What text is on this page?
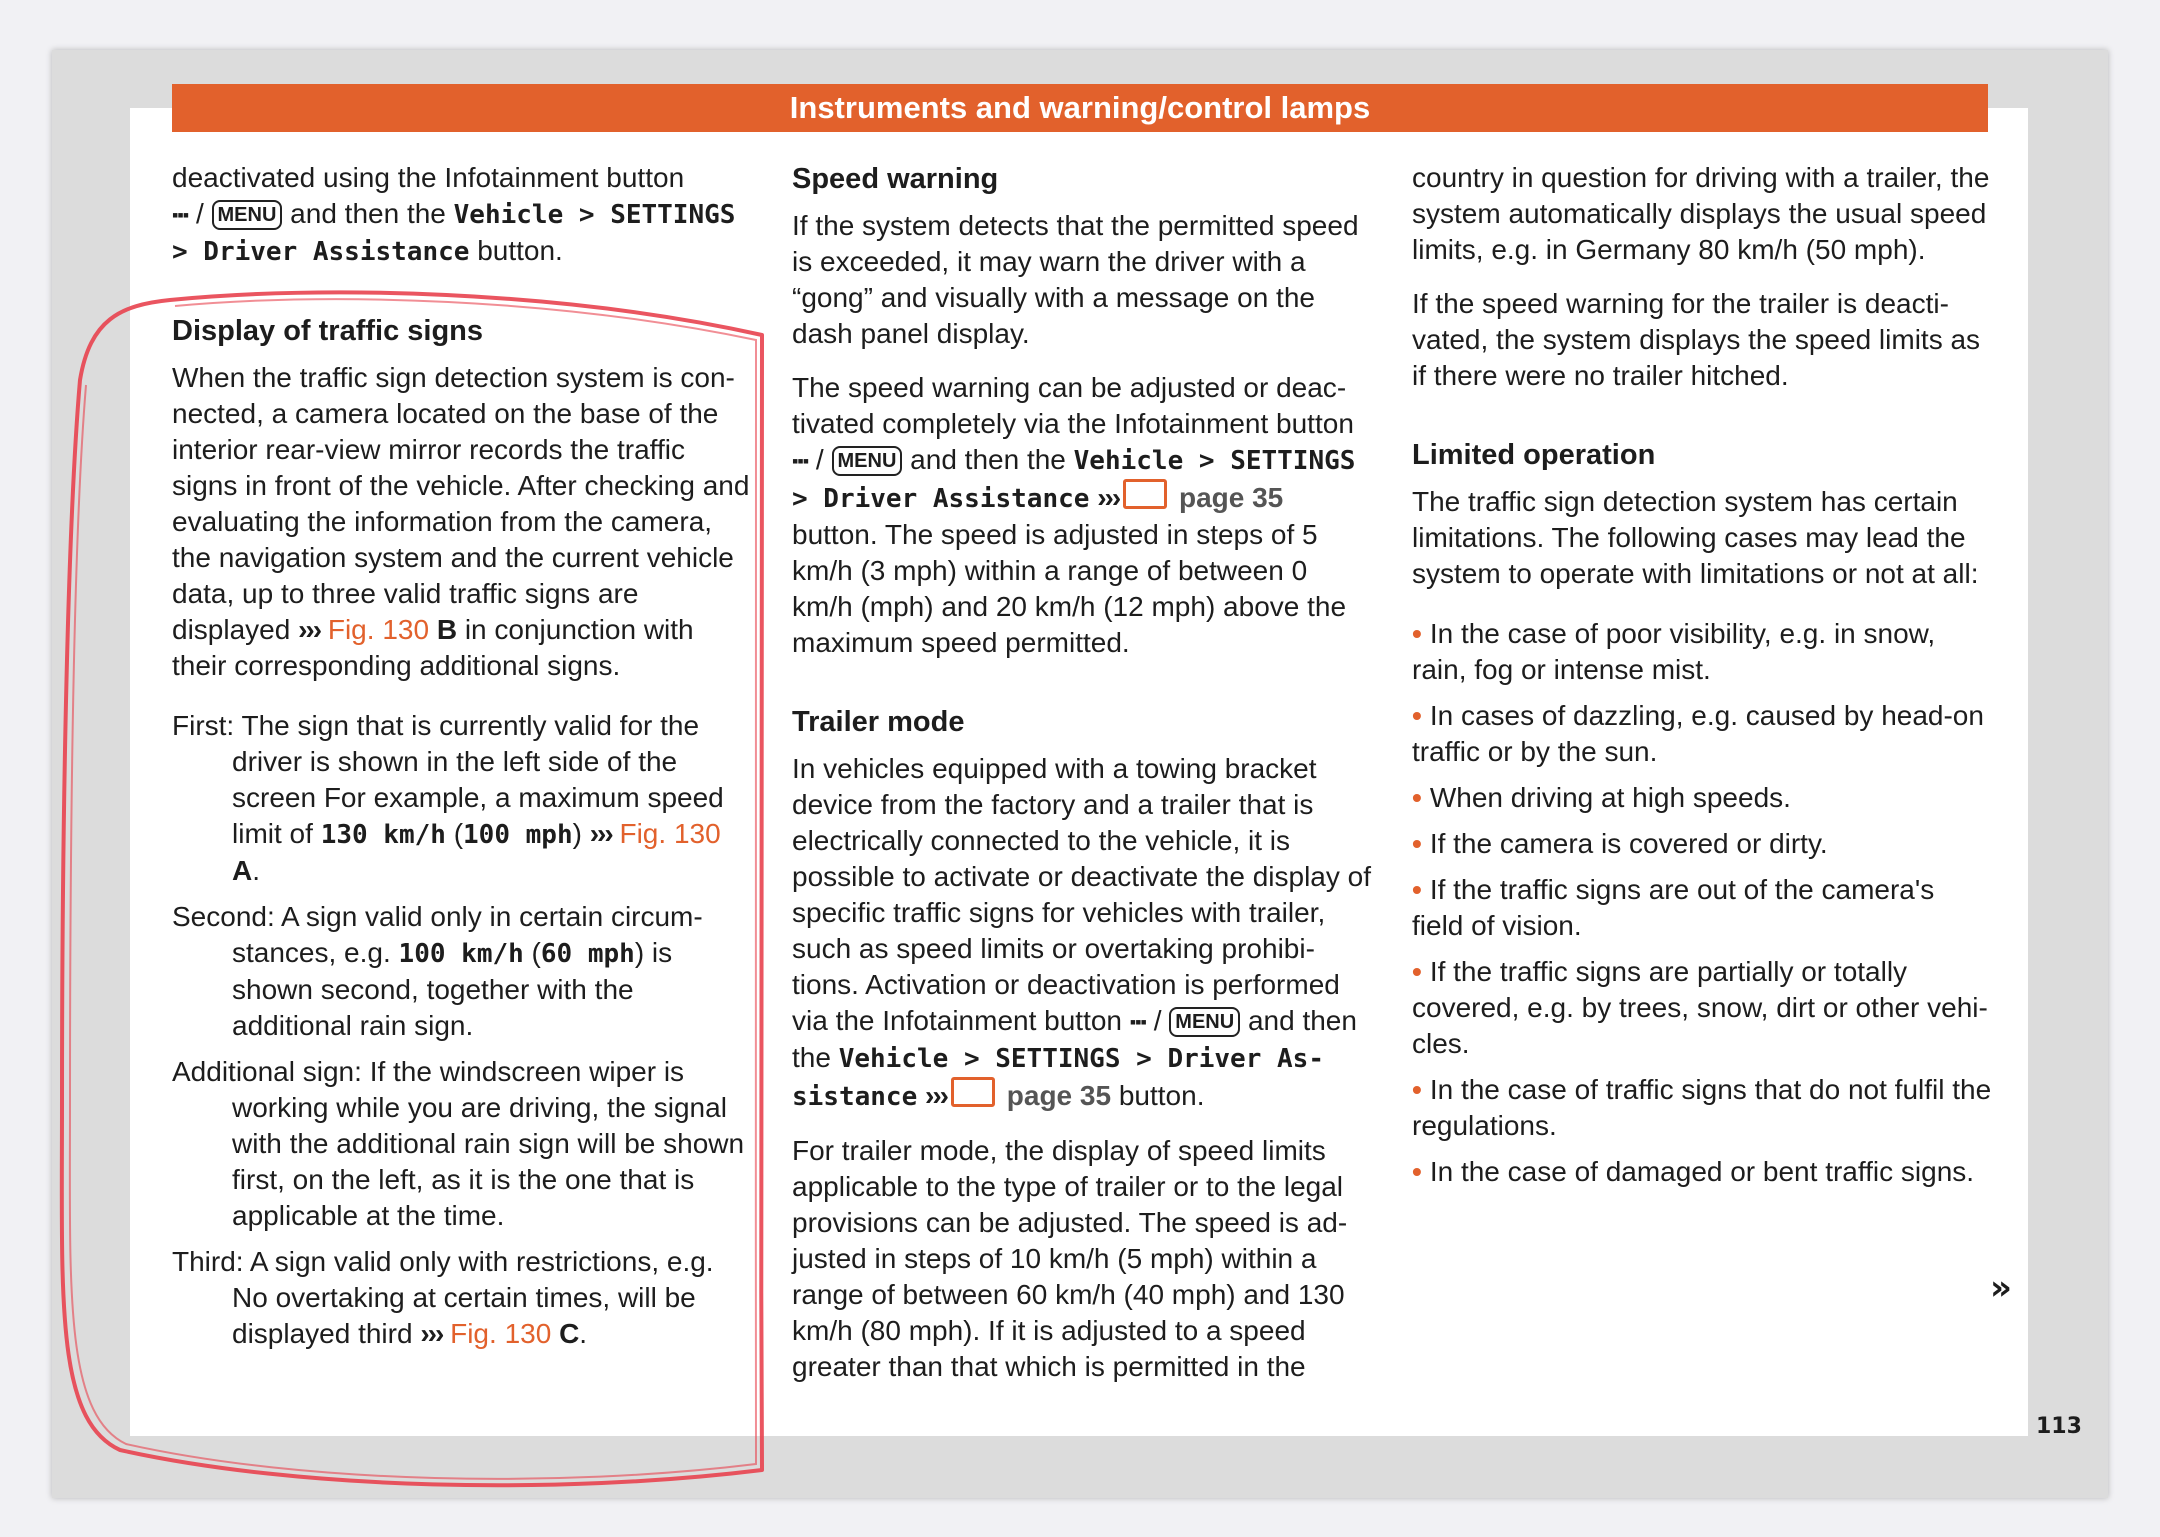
Instruments and warning/control lamps

deactivated using the Infotainment button
▪▪▪ / MENU and then the Vehicle > SETTINGS
> Driver Assistance button.

Display of traffic signs

When the traffic sign detection system is connected, a camera located on the base of the interior rear-view mirror records the traffic signs in front of the vehicle. After checking and evaluating the information from the camera, the navigation system and the current vehicle data, up to three valid traffic signs are displayed ››› Fig. 130 B in conjunction with their corresponding additional signs.

First: The sign that is currently valid for the driver is shown in the left side of the screen For example, a maximum speed limit of 130 km/h (100 mph) ››› Fig. 130 A.

Second: A sign valid only in certain circumstances, e.g. 100 km/h (60 mph) is shown second, together with the additional rain sign.

Additional sign: If the windscreen wiper is working while you are driving, the signal with the additional rain sign will be shown first, on the left, as it is the one that is applicable at the time.

Third: A sign valid only with restrictions, e.g. No overtaking at certain times, will be displayed third ››› Fig. 130 C.

Speed warning

If the system detects that the permitted speed is exceeded, it may warn the driver with a “gong” and visually with a message on the dash panel display.

The speed warning can be adjusted or deactivated completely via the Infotainment button ▪▪▪ / MENU and then the Vehicle > SETTINGS > Driver Assistance ››› page 35 button. The speed is adjusted in steps of 5 km/h (3 mph) within a range of between 0 km/h (mph) and 20 km/h (12 mph) above the maximum speed permitted.

Trailer mode

In vehicles equipped with a towing bracket device from the factory and a trailer that is electrically connected to the vehicle, it is possible to activate or deactivate the display of specific traffic signs for vehicles with trailer, such as speed limits or overtaking prohibitions. Activation or deactivation is performed via the Infotainment button ▪▪▪ / MENU and then the Vehicle > SETTINGS > Driver Assistance ››› page 35 button.

For trailer mode, the display of speed limits applicable to the type of trailer or to the legal provisions can be adjusted. The speed is adjusted in steps of 10 km/h (5 mph) within a range of between 60 km/h (40 mph) and 130 km/h (80 mph). If it is adjusted to a speed greater than that which is permitted in the

country in question for driving with a trailer, the system automatically displays the usual speed limits, e.g. in Germany 80 km/h (50 mph).

If the speed warning for the trailer is deactivated, the system displays the speed limits as if there were no trailer hitched.

Limited operation

The traffic sign detection system has certain limitations. The following cases may lead the system to operate with limitations or not at all:

• In the case of poor visibility, e.g. in snow, rain, fog or intense mist.

• In cases of dazzling, e.g. caused by head-on traffic or by the sun.

• When driving at high speeds.

• If the camera is covered or dirty.

• If the traffic signs are out of the camera's field of vision.

• If the traffic signs are partially or totally covered, e.g. by trees, snow, dirt or other vehicles.

• In the case of traffic signs that do not fulfil the regulations.

• In the case of damaged or bent traffic signs.

»
113
